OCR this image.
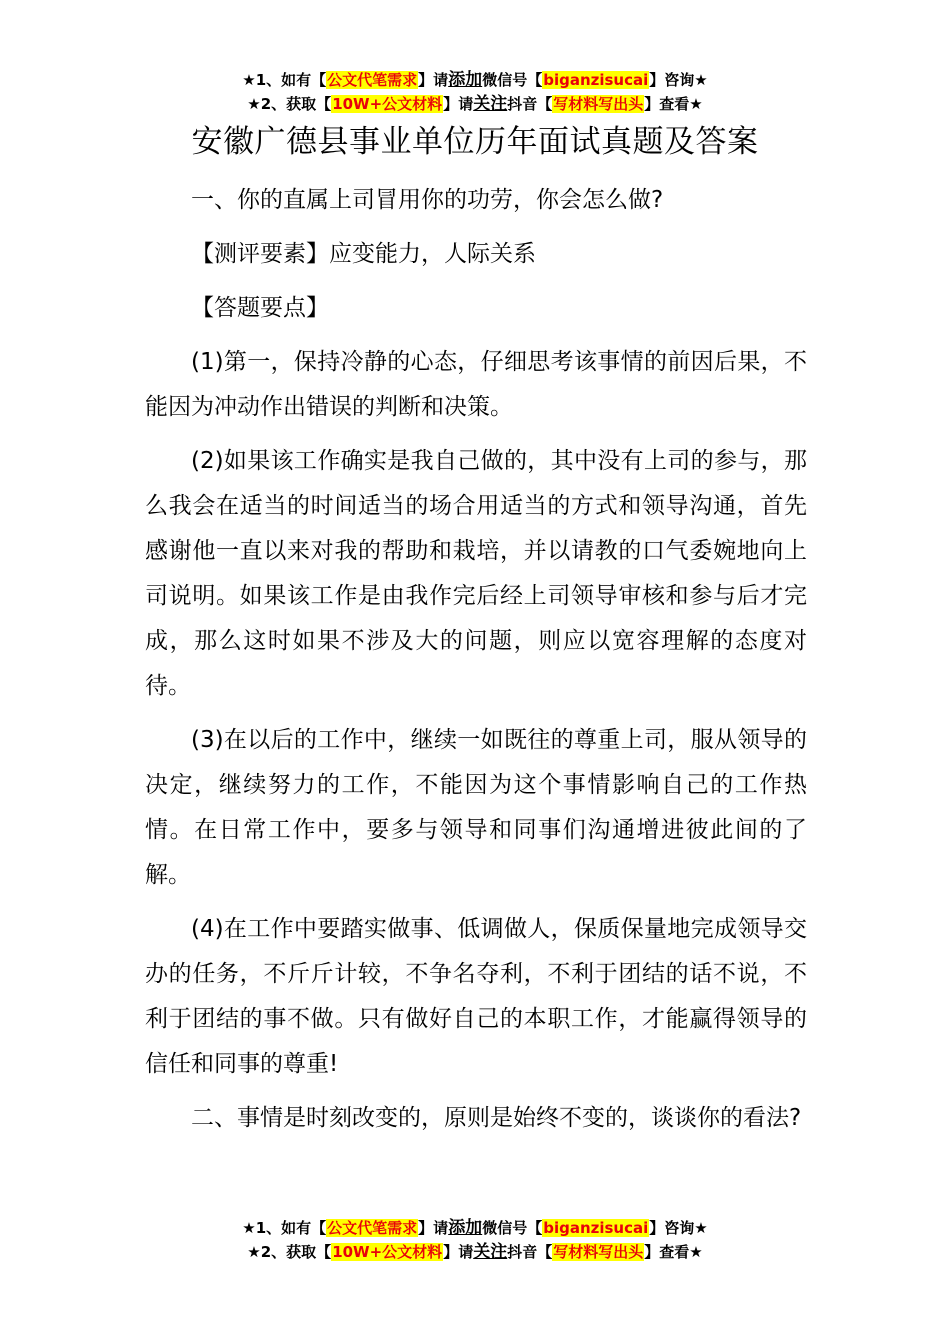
★1、如有【公文代笔需求】请添加微信号【biganzisucai】咨询★
★2、获取【10W+公文材料】请关注抖音【写材料写出头】查看★
安徽广德县事业单位历年面试真题及答案

一、你的直属上司冒用你的功劳，你会怎么做?

【测评要素】应变能力，人际关系

【答题要点】

(1)第一，保持冷静的心态，仔细思考该事情的前因后果，不能因为冲动作出错误的判断和决策。

(2)如果该工作确实是我自己做的，其中没有上司的参与，那么我会在适当的时间适当的场合用适当的方式和领导沟通，首先感谢他一直以来对我的帮助和栽培，并以请教的口气委婉地向上司说明。如果该工作是由我作完后经上司领导审核和参与后才完成，那么这时如果不涉及大的问题，则应以宽容理解的态度对待。

(3)在以后的工作中，继续一如既往的尊重上司，服从领导的决定，继续努力的工作，不能因为这个事情影响自己的工作热情。在日常工作中，要多与领导和同事们沟通增进彼此间的了解。

(4)在工作中要踏实做事、低调做人，保质保量地完成领导交办的任务，不斤斤计较，不争名夺利，不利于团结的话不说，不利于团结的事不做。只有做好自己的本职工作，才能赢得领导的信任和同事的尊重!

二、事情是时刻改变的，原则是始终不变的，谈谈你的看法?

★1、如有【公文代笔需求】请添加微信号【biganzisucai】咨询★
★2、获取【10W+公文材料】请关注抖音【写材料写出头】查看★
